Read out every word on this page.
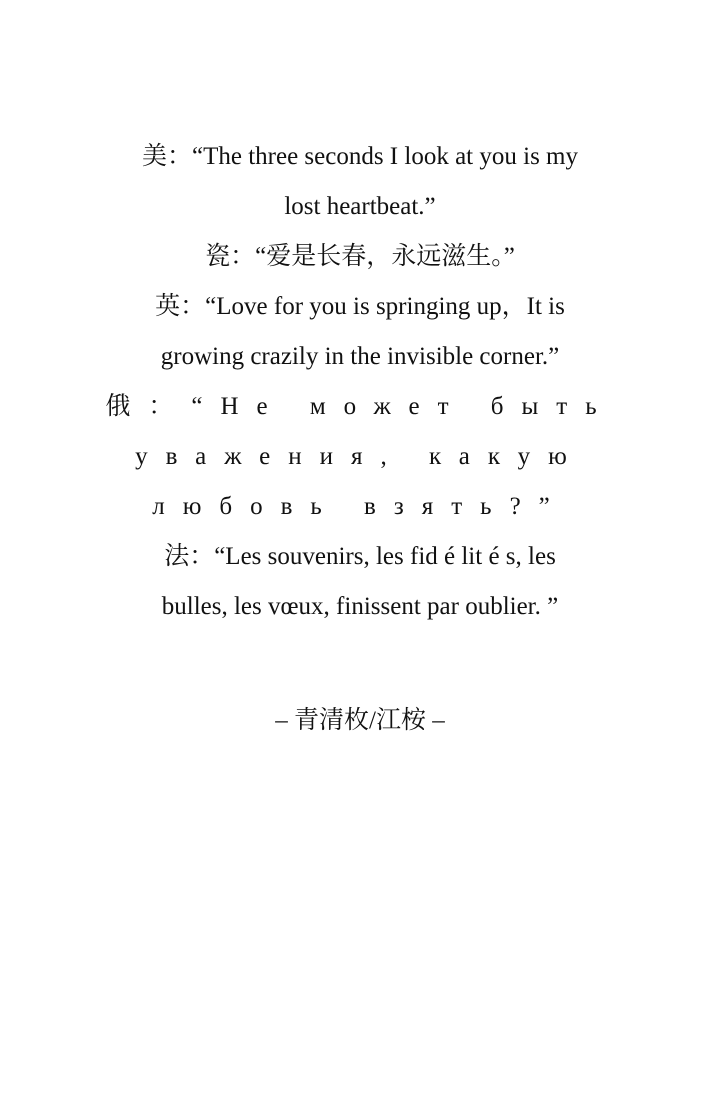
美：“The three seconds I look at you is my
lost heartbeat.”
瓷：“爱是长春，永远滋生。”
英：“Love for you is springing up，It is
growing crazily in the invisible corner.”
俄：“Не может быть
уважения, какую
любовь взять?”
法：“Les souvenirs, les fid é lit é s, les
bulles, les vœux, finissent par oublier. ”
– 青清枚/江桉 –
